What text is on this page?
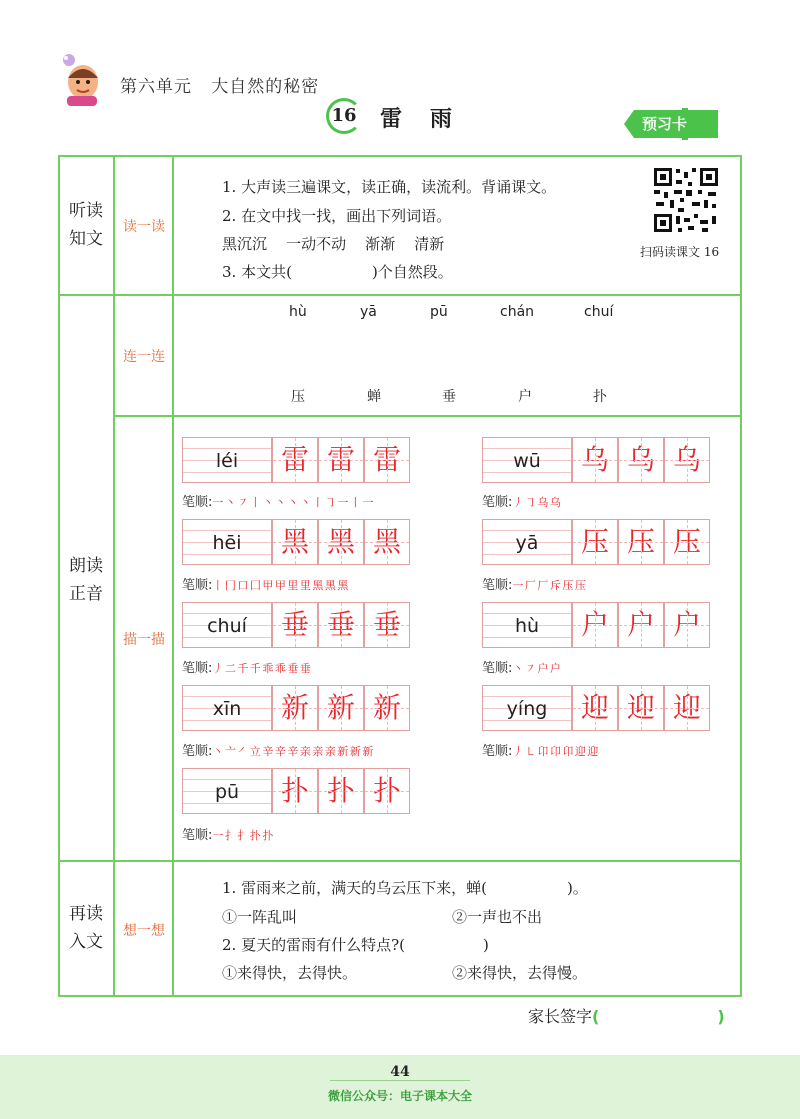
第六单元   大自然的秘密
16 雷雨	预习卡
听读
知文
读一读
1. 大声读三遍课文，读正确，读流利。背诵课文。
2. 在文中找一找，画出下列词语。
黑沉沉    一动不动    渐渐    清新
3. 本文共(	)个自然段。
扫码读课文 16
朗读
正音
连一连
hù	yā	pū	chán	chuí
压	蝉	垂	户	扑
描一描
léi	雷 雷 雷
笔顺:一 丶 ㇇ 丨 丶 丶 丶 丶 丨 ㇆ 一 丨 一
wū	乌 乌 乌
笔顺:丿 ㇆ 乌 乌
hēi	黑 黑 黑
笔顺:丨 冂 口 囗 甲 甲 里 里 黑 黑 黑
yā	压 压 压
笔顺:一 厂 厂 斥 压 压
chuí	垂 垂 垂
笔顺:丿 二 千 千 乖 乖 垂 垂
hù	户 户 户
笔顺:丶 ㇇ 户 户
xīn	新 新 新
笔顺:丶 亠 ㇒ 立 辛 辛 辛 亲 亲 亲 新 新 新
yíng	迎 迎 迎
笔顺:丿 ㇄ 卬 卬 卬 迎 迎
pū	扑 扑 扑
笔顺:一 扌 扌 扑 扑
再读
入文
想一想
1. 雷雨来之前，满天的乌云压下来，蝉(	)。
①一阵乱叫	②一声也不出
2. 夏天的雷雨有什么特点?(	)
①来得快，去得快。	②来得快，去得慢。
家长签字(	)
44
微信公众号：电子课本大全
